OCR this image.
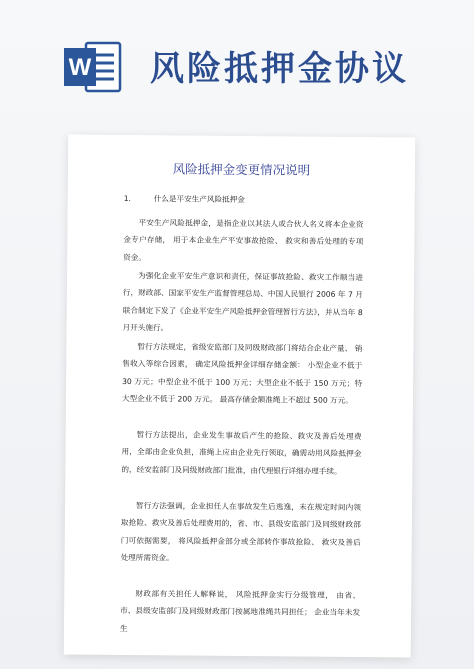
W 风险抵押金协议
风险抵押金变更情况说明

1.	什么是平安生产风险抵押金

平安生产风险抵押金，是指企业以其法人或合伙人名义将本企业资金专户存储， 用于本企业生产平安事故抢险、 救灾和善后处理的专项资金。

为强化企业平安生产意识和责任，保证事故抢险、救灾工作顺当进行，财政部、国家平安生产监督管理总局、中国人民银行 2006 年 7 月联合制定下发了《企业平安生产风险抵押金管理暂行方法》，并从当年 8 月开头施行。

暂行方法规定，省级安监部门及同级财政部门将结合企业产量、 销售收入等综合因素， 确定风险抵押金详细存储金额： 小型企业不低于 30 万元；中型企业不低于 100 万元；大型企业不低于 150 万元；特大型企业不低于 200 万元。 最高存储金额准绳上不超过 500 万元。

暂行方法提出，企业发生事故后产生的抢险、救灾及善后处理费用，全部由企业负担，准绳上应由企业先行领取，确需动用风险抵押金的，经安监部门及同级财政部门批准，由代理银行详细办理手续。

暂行方法强调，企业担任人在事故发生后逃逸，未在规定时间内领取抢险、救灾及善后处理费用的，省、市、县级安监部门及同级财政部门可依据需要， 将风险抵押金部分或全部转作事故抢险、 救灾及善后处理所需资金。

财政部有关担任人解释说， 风险抵押金实行分级管理， 由省、市、县级安监部门及同级财政部门按属地准绳共同担任； 企业当年未发生
